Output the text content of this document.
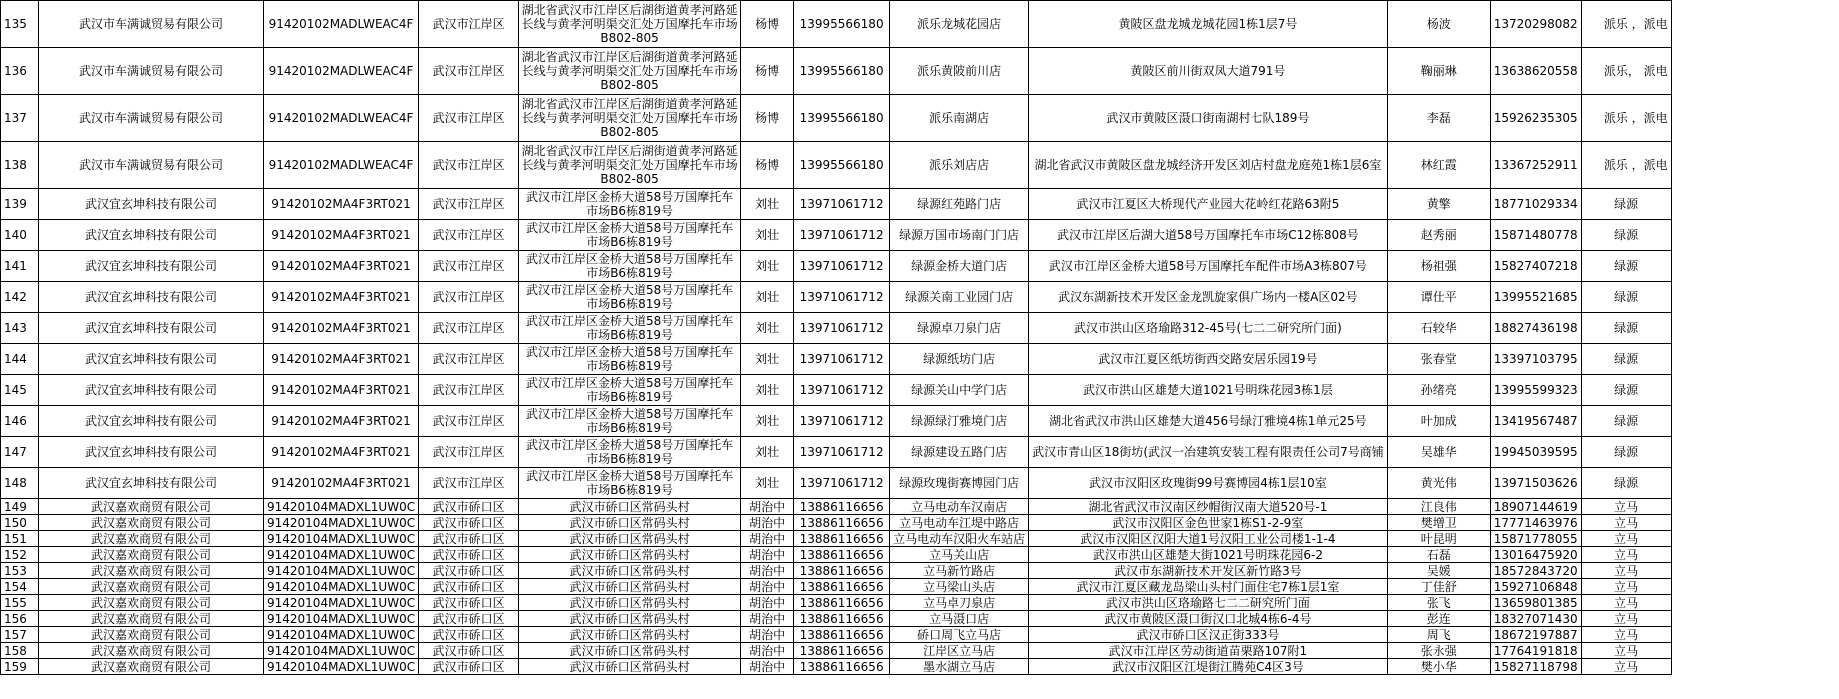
135	武汉市车满诚贸易有限公司	91420102MADLWEAC4F	武汉市江岸区	湖北省武汉市江岸区后湖街道黄孝河路延长线与黄孝河明渠交汇处万国摩托车市场B802-805	杨博	13995566180	派乐龙城花园店	黄陂区盘龙城龙城花园1栋1层7号	杨波	13720298082	派乐 ，派电
136	武汉市车满诚贸易有限公司	91420102MADLWEAC4F	武汉市江岸区	湖北省武汉市江岸区后湖街道黄孝河路延长线与黄孝河明渠交汇处万国摩托车市场B802-805	杨博	13995566180	派乐黄陂前川店	黄陂区前川街双凤大道791号	鞠丽琳	13638620558	派乐， 派电
137	武汉市车满诚贸易有限公司	91420102MADLWEAC4F	武汉市江岸区	湖北省武汉市江岸区后湖街道黄孝河路延长线与黄孝河明渠交汇处万国摩托车市场B802-805	杨博	13995566180	派乐南湖店	武汉市黄陂区滠口街南湖村七队189号	李磊	15926235305	派乐 ，派电
138	武汉市车满诚贸易有限公司	91420102MADLWEAC4F	武汉市江岸区	湖北省武汉市江岸区后湖街道黄孝河路延长线与黄孝河明渠交汇处万国摩托车市场B802-805	杨博	13995566180	派乐刘店店	湖北省武汉市黄陂区盘龙城经济开发区刘店村盘龙庭苑1栋1层6室	林红霞	13367252911	派乐 ，派电
139	武汉宜玄坤科技有限公司	91420102MA4F3RT021	武汉市江岸区	武汉市江岸区金桥大道58号万国摩托车市场B6栋819号	刘壮	13971061712	绿源红苑路门店	武汉市江夏区大桥现代产业园大花岭红花路63附5	黄擎	18771029334	绿源
140	武汉宜玄坤科技有限公司	91420102MA4F3RT021	武汉市江岸区	武汉市江岸区金桥大道58号万国摩托车市场B6栋819号	刘壮	13971061712	绿源万国市场南门门店	武汉市江岸区后湖大道58号万国摩托车市场C12栋808号	赵秀丽	15871480778	绿源
141	武汉宜玄坤科技有限公司	91420102MA4F3RT021	武汉市江岸区	武汉市江岸区金桥大道58号万国摩托车市场B6栋819号	刘壮	13971061712	绿源金桥大道门店	武汉市江岸区金桥大道58号万国摩托车配件市场A3栋807号	杨祖强	15827407218	绿源
142	武汉宜玄坤科技有限公司	91420102MA4F3RT021	武汉市江岸区	武汉市江岸区金桥大道58号万国摩托车市场B6栋819号	刘壮	13971061712	绿源关南工业园门店	武汉东湖新技术开发区金龙凯旋家俱广场内一楼A区02号	谭仕平	13995521685	绿源
143	武汉宜玄坤科技有限公司	91420102MA4F3RT021	武汉市江岸区	武汉市江岸区金桥大道58号万国摩托车市场B6栋819号	刘壮	13971061712	绿源卓刀泉门店	武汉市洪山区珞瑜路312-45号(七二二研究所门面)	石较华	18827436198	绿源
144	武汉宜玄坤科技有限公司	91420102MA4F3RT021	武汉市江岸区	武汉市江岸区金桥大道58号万国摩托车市场B6栋819号	刘壮	13971061712	绿源纸坊门店	武汉市江夏区纸坊街西交路安居乐园19号	张春堂	13397103795	绿源
145	武汉宜玄坤科技有限公司	91420102MA4F3RT021	武汉市江岸区	武汉市江岸区金桥大道58号万国摩托车市场B6栋819号	刘壮	13971061712	绿源关山中学门店	武汉市洪山区雄楚大道1021号明珠花园3栋1层	孙绪亮	13995599323	绿源
146	武汉宜玄坤科技有限公司	91420102MA4F3RT021	武汉市江岸区	武汉市江岸区金桥大道58号万国摩托车市场B6栋819号	刘壮	13971061712	绿源绿汀雅境门店	湖北省武汉市洪山区雄楚大道456号绿汀雅境4栋1单元25号	叶加成	13419567487	绿源
147	武汉宜玄坤科技有限公司	91420102MA4F3RT021	武汉市江岸区	武汉市江岸区金桥大道58号万国摩托车市场B6栋819号	刘壮	13971061712	绿源建设五路门店	武汉市青山区18街坊(武汉一冶建筑安装工程有限责任公司7号商铺	吴雄华	19945039595	绿源
148	武汉宜玄坤科技有限公司	91420102MA4F3RT021	武汉市江岸区	武汉市江岸区金桥大道58号万国摩托车市场B6栋819号	刘壮	13971061712	绿源玫瑰街赛博园门店	武汉市汉阳区玫瑰街99号赛博园4栋1层10室	黄光伟	13971503626	绿源
149	武汉嘉欢商贸有限公司	91420104MADXL1UW0C	武汉市硚口区	武汉市硚口区常码头村	胡治中	13886116656	立马电动车汉南店	湖北省武汉市汉南区纱帽街汉南大道520号-1	江良伟	18907144619	立马
150	武汉嘉欢商贸有限公司	91420104MADXL1UW0C	武汉市硚口区	武汉市硚口区常码头村	胡治中	13886116656	立马电动车江堤中路店	武汉市汉阳区金色世家1栋S1-2-9室	樊增卫	17771463976	立马
151	武汉嘉欢商贸有限公司	91420104MADXL1UW0C	武汉市硚口区	武汉市硚口区常码头村	胡治中	13886116656	立马电动车汉阳火车站店	武汉市汉阳区汉阳大道1号汉阳工业公司楼1-1-4	叶昆明	15871778055	立马
152	武汉嘉欢商贸有限公司	91420104MADXL1UW0C	武汉市硚口区	武汉市硚口区常码头村	胡治中	13886116656	立马关山店	武汉市洪山区雄楚大街1021号明珠花园6-2	石磊	13016475920	立马
153	武汉嘉欢商贸有限公司	91420104MADXL1UW0C	武汉市硚口区	武汉市硚口区常码头村	胡治中	13886116656	立马新竹路店	武汉市东湖新技术开发区新竹路3号	吴媛	18572843720	立马
154	武汉嘉欢商贸有限公司	91420104MADXL1UW0C	武汉市硚口区	武汉市硚口区常码头村	胡治中	13886116656	立马梁山头店	武汉市江夏区藏龙岛梁山头村门面住宅7栋1层1室	丁佳舒	15927106848	立马
155	武汉嘉欢商贸有限公司	91420104MADXL1UW0C	武汉市硚口区	武汉市硚口区常码头村	胡治中	13886116656	立马卓刀泉店	武汉市洪山区珞瑜路七二二研究所门面	张飞	13659801385	立马
156	武汉嘉欢商贸有限公司	91420104MADXL1UW0C	武汉市硚口区	武汉市硚口区常码头村	胡治中	13886116656	立马滠口店	武汉市黄陂区滠口街汉口北城4栋6-4号	彭连	18327071430	立马
157	武汉嘉欢商贸有限公司	91420104MADXL1UW0C	武汉市硚口区	武汉市硚口区常码头村	胡治中	13886116656	硚口周飞立马店	武汉市硚口区汉正街333号	周飞	18672197887	立马
158	武汉嘉欢商贸有限公司	91420104MADXL1UW0C	武汉市硚口区	武汉市硚口区常码头村	胡治中	13886116656	江岸区立马店	武汉市江岸区劳动街道苗栗路107附1	张永强	17764191818	立马
159	武汉嘉欢商贸有限公司	91420104MADXL1UW0C	武汉市硚口区	武汉市硚口区常码头村	胡治中	13886116656	墨水湖立马店	武汉市汉阳区江堤街江腾苑C4区3号	樊小华	15827118798	立马
